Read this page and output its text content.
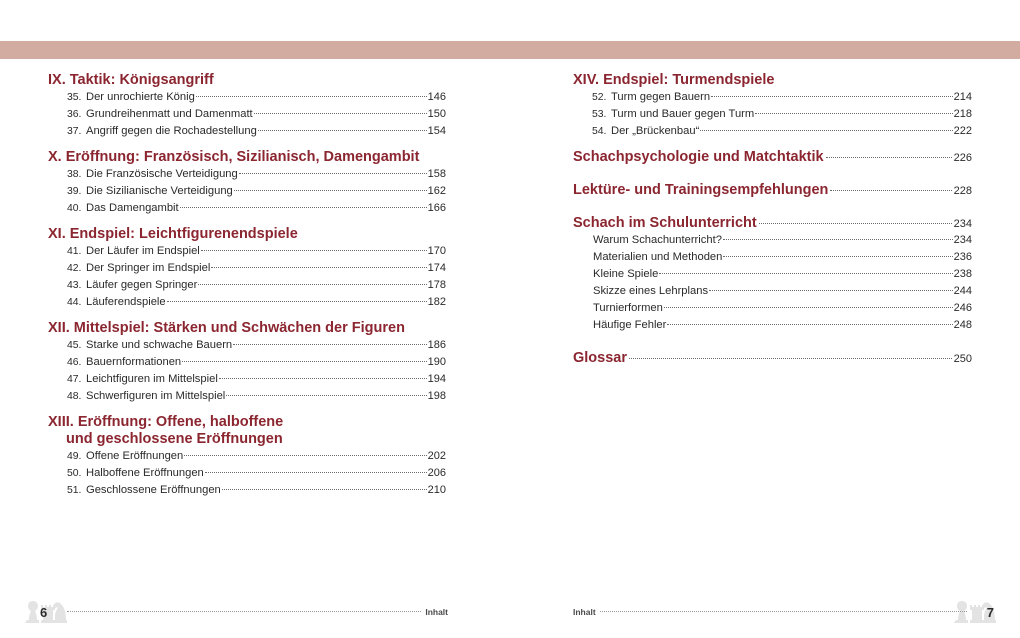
IX. Taktik: Königsangriff
35. Der unrochierte König	146
36. Grundreihenmatt und Damenmatt	150
37. Angriff gegen die Rochadestellung	154
X. Eröffnung: Französisch, Sizilianisch, Damengambit
38. Die Französische Verteidigung	158
39. Die Sizilianische Verteidigung	162
40. Das Damengambit	166
XI. Endspiel: Leichtfigurenendspiele
41. Der Läufer im Endspiel	170
42. Der Springer im Endspiel	174
43. Läufer gegen Springer	178
44. Läuferendspiele	182
XII. Mittelspiel: Stärken und Schwächen der Figuren
45. Starke und schwache Bauern	186
46. Bauernformationen	190
47. Leichtfiguren im Mittelspiel	194
48. Schwerfiguren im Mittelspiel	198
XIII. Eröffnung: Offene, halboffene
und geschlossene Eröffnungen
49. Offene Eröffnungen	202
50. Halboffene Eröffnungen	206
51. Geschlossene Eröffnungen	210
XIV. Endspiel: Turmendspiele
52. Turm gegen Bauern	214
53. Turm und Bauer gegen Turm	218
54. Der „Brückenbau“	222
Schachpsychologie und Matchtaktik	226
Lektüre- und Trainingsempfehlungen	228
Schach im Schulunterricht	234
Warum Schachunterricht?	234
Materialien und Methoden	236
Kleine Spiele	238
Skizze eines Lehrplans	244
Turnierformen	246
Häufige Fehler	248
Glossar	250
6	Inhalt	Inhalt	7
